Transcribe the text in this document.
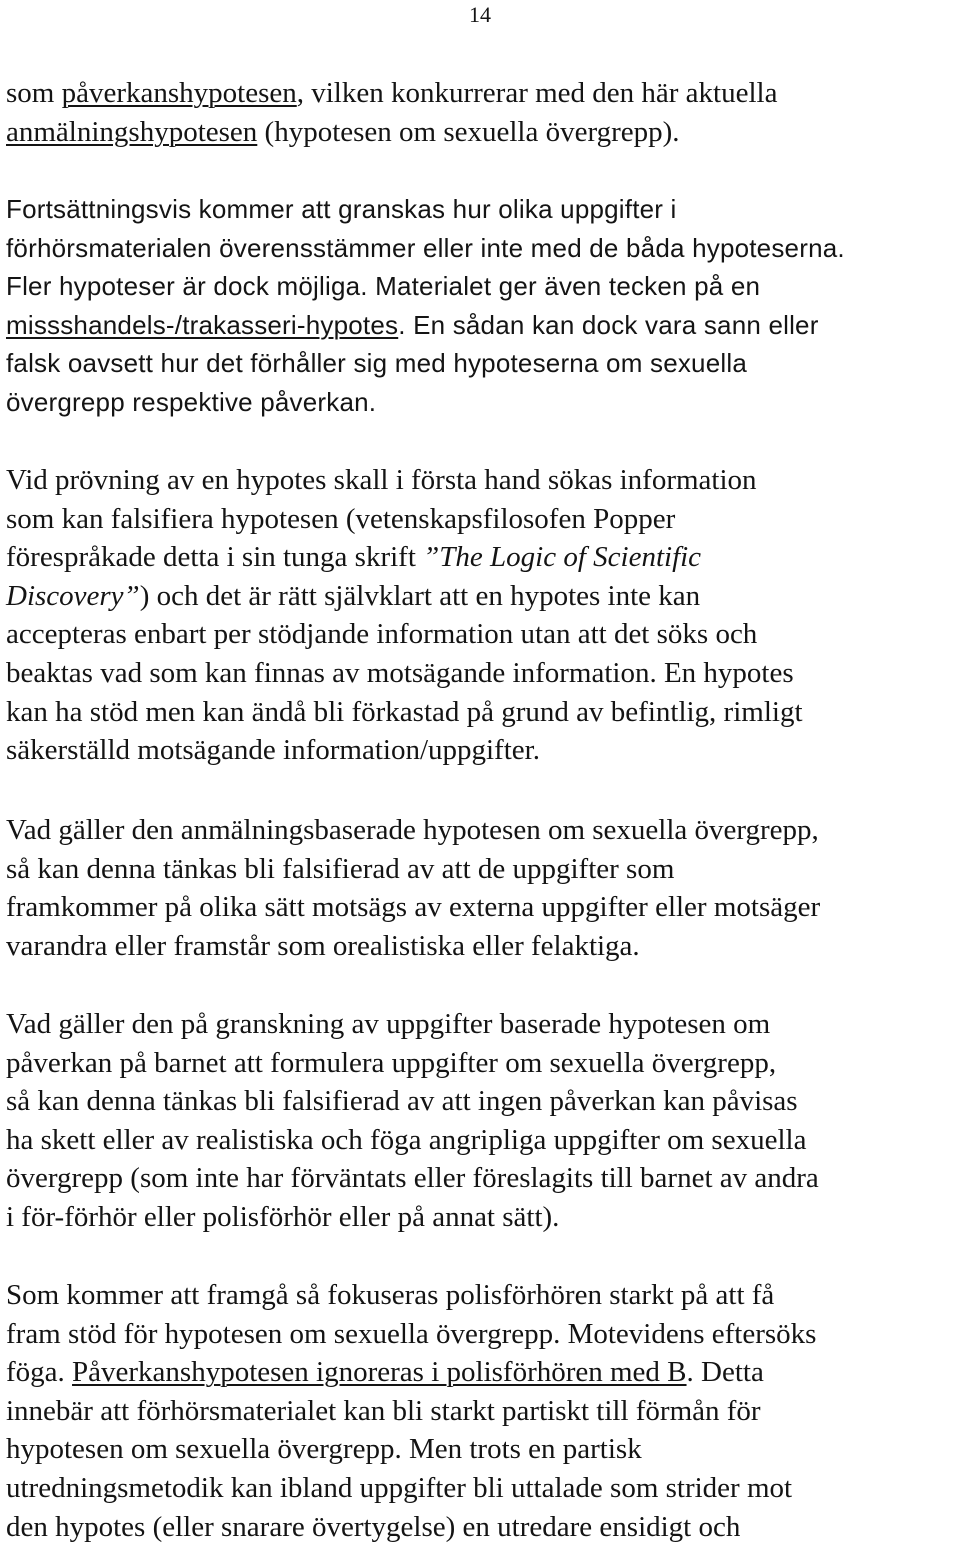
14
som påverkanshypotesen, vilken konkurrerar med den här aktuella
anmälningshypotesen (hypotesen om sexuella övergrepp).
Fortsättningsvis kommer att granskas hur olika uppgifter i
förhörsmaterialen överensstämmer eller inte med de båda hypoteserna.
Fler hypoteser är dock möjliga. Materialet ger även tecken på en
missshandels-/trakasseri-hypotes. En sådan kan dock vara sann eller
falsk oavsett hur det förhåller sig med hypoteserna om sexuella
övergrepp respektive påverkan.
Vid prövning av en hypotes skall i första hand sökas information
som kan falsifiera hypotesen (vetenskapsfilosofen Popper
förespråkade detta i sin tunga skrift ”The Logic of Scientific
Discovery”) och det är rätt självklart att en hypotes inte kan
accepteras enbart per stödjande information utan att det söks och
beaktas vad som kan finnas av motsägande information. En hypotes
kan ha stöd men kan ändå bli förkastad på grund av befintlig, rimligt
säkerställd motsägande information/uppgifter.
Vad gäller den anmälningsbaserade hypotesen om sexuella övergrepp,
så kan denna tänkas bli falsifierad av att de uppgifter som
framkommer på olika sätt motsägs av externa uppgifter eller motsäger
varandra eller framstår som orealistiska eller felaktiga.
Vad gäller den på granskning av uppgifter baserade hypotesen om
påverkan på barnet att formulera uppgifter om sexuella övergrepp,
så kan denna tänkas bli falsifierad av att ingen påverkan kan påvisas
ha skett eller av realistiska och föga angripliga uppgifter om sexuella
övergrepp (som inte har förväntats eller föreslagits till barnet av andra
i för-förhör eller polisförhör eller på annat sätt).
Som kommer att framgå så fokuseras polisförhören starkt på att få
fram stöd för hypotesen om sexuella övergrepp. Motevidens eftersöks
föga. Påverkanshypotesen ignoreras i polisförhören med B. Detta
innebär att förhörsmaterialet kan bli starkt partiskt till förmån för
hypotesen om sexuella övergrepp. Men trots en partisk
utredningsmetodik kan ibland uppgifter bli uttalade som strider mot
den hypotes (eller snarare övertygelse) en utredare ensidigt och
